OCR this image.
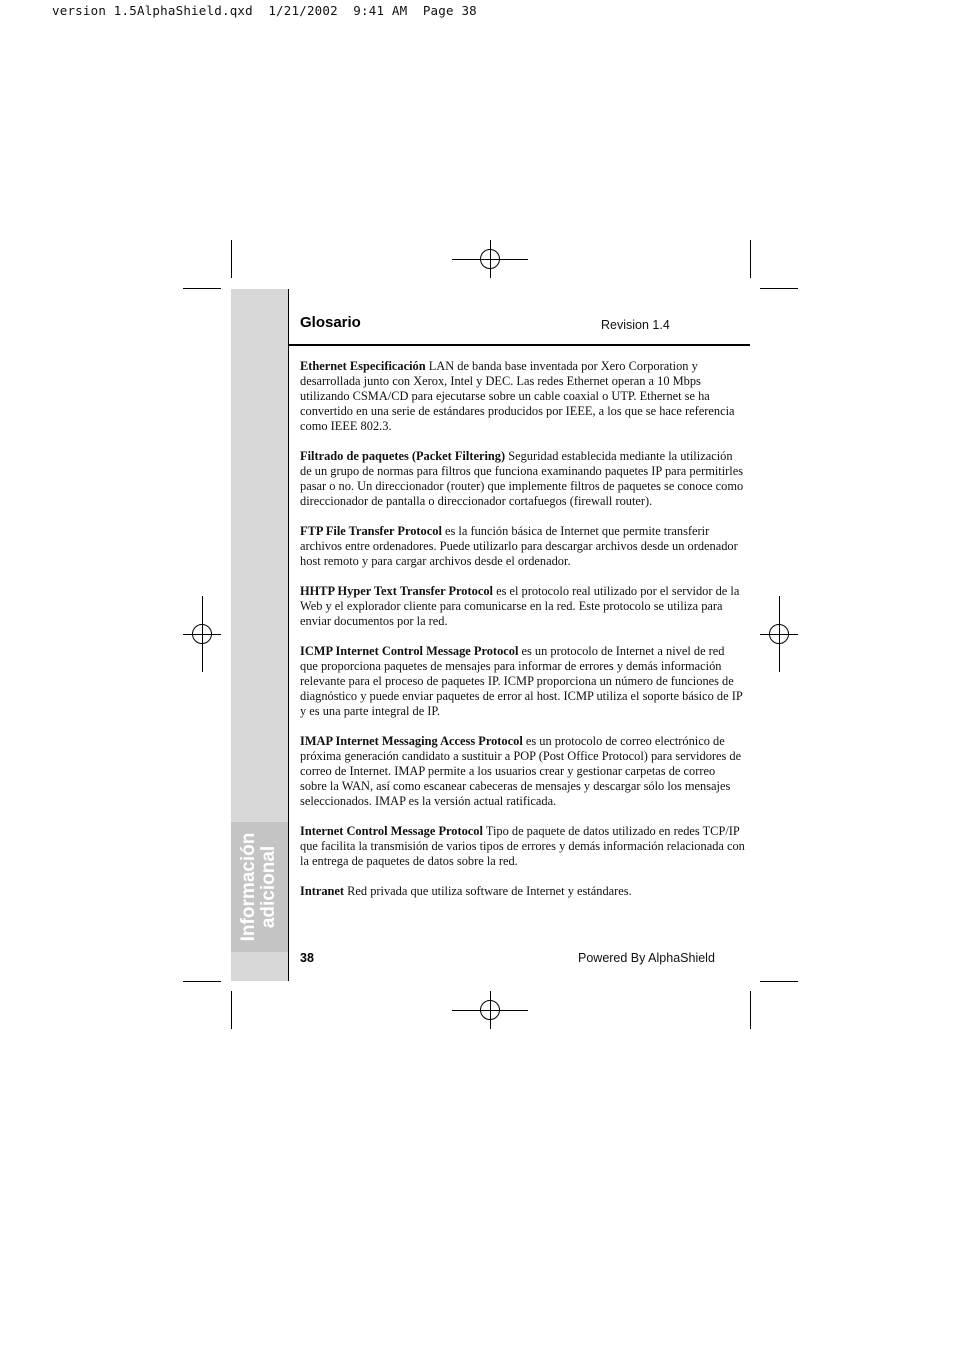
version 1.5AlphaShield.qxd  1/21/2002  9:41 AM  Page 38
Información adicional
Glosario	Revision 1.4

Ethernet Especificación LAN de banda base inventada por Xero Corporation y desarrollada junto con Xerox, Intel y DEC. Las redes Ethernet operan a 10 Mbps utilizando CSMA/CD para ejecutarse sobre un cable coaxial o UTP. Ethernet se ha convertido en una serie de estándares producidos por IEEE, a los que se hace referencia como IEEE 802.3.

Filtrado de paquetes (Packet Filtering) Seguridad establecida mediante la utilización de un grupo de normas para filtros que funciona examinando paquetes IP para permitirles pasar o no. Un direccionador (router) que implemente filtros de paquetes se conoce como direccionador de pantalla o direccionador cortafuegos (firewall router).

FTP File Transfer Protocol es la función básica de Internet que permite transferir archivos entre ordenadores. Puede utilizarlo para descargar archivos desde un ordenador host remoto y para cargar archivos desde el ordenador.

HHTP Hyper Text Transfer Protocol es el protocolo real utilizado por el servidor de la Web y el explorador cliente para comunicarse en la red. Este protocolo se utiliza para enviar documentos por la red.

ICMP Internet Control Message Protocol es un protocolo de Internet a nivel de red que proporciona paquetes de mensajes para informar de errores y demás información relevante para el proceso de paquetes IP. ICMP proporciona un número de funciones de diagnóstico y puede enviar paquetes de error al host. ICMP utiliza el soporte básico de IP y es una parte integral de IP.

IMAP Internet Messaging Access Protocol es un protocolo de correo electrónico de próxima generación candidato a sustituir a POP (Post Office Protocol) para servidores de correo de Internet. IMAP permite a los usuarios crear y gestionar carpetas de correo sobre la WAN, así como escanear cabeceras de mensajes y descargar sólo los mensajes seleccionados. IMAP es la versión actual ratificada.

Internet Control Message Protocol Tipo de paquete de datos utilizado en redes TCP/IP que facilita la transmisión de varios tipos de errores y demás información relacionada con la entrega de paquetes de datos sobre la red.

Intranet Red privada que utiliza software de Internet y estándares.

38	Powered By AlphaShield
